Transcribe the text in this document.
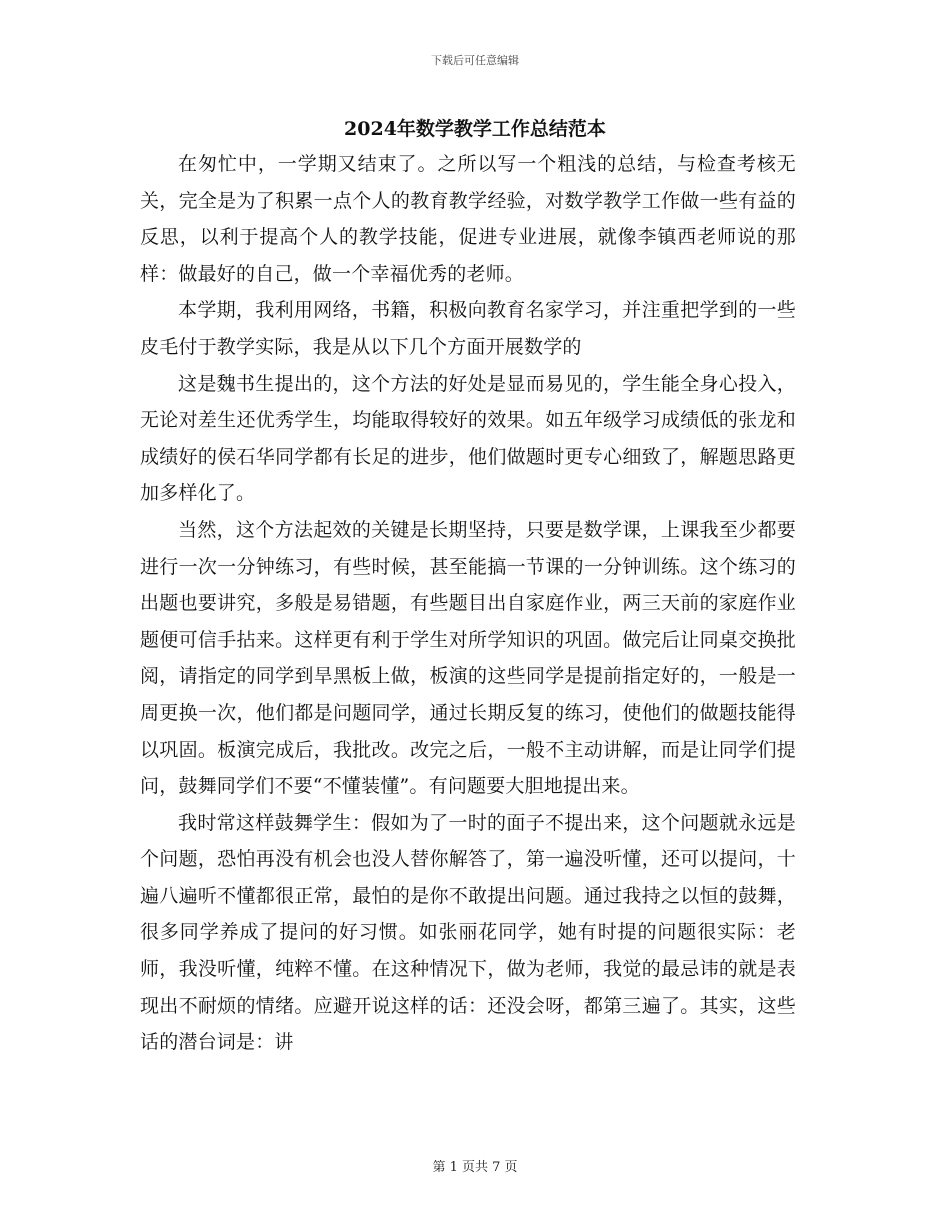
下载后可任意编辑
2024年数学教学工作总结范本

在匆忙中，一学期又结束了。之所以写一个粗浅的总结，与检查考核无关，完全是为了积累一点个人的教育教学经验，对数学教学工作做一些有益的反思，以利于提高个人的教学技能，促进专业进展，就像李镇西老师说的那样：做最好的自己，做一个幸福优秀的老师。

本学期，我利用网络，书籍，积极向教育名家学习，并注重把学到的一些皮毛付于教学实际，我是从以下几个方面开展数学的

这是魏书生提出的，这个方法的好处是显而易见的，学生能全身心投入，无论对差生还优秀学生，均能取得较好的效果。如五年级学习成绩低的张龙和成绩好的侯石华同学都有长足的进步，他们做题时更专心细致了，解题思路更加多样化了。

当然，这个方法起效的关键是长期坚持，只要是数学课，上课我至少都要进行一次一分钟练习，有些时候，甚至能搞一节课的一分钟训练。这个练习的出题也要讲究，多般是易错题，有些题目出自家庭作业，两三天前的家庭作业题便可信手拈来。这样更有利于学生对所学知识的巩固。做完后让同桌交换批阅，请指定的同学到旱黑板上做，板演的这些同学是提前指定好的，一般是一周更换一次，他们都是问题同学，通过长期反复的练习，使他们的做题技能得以巩固。板演完成后，我批改。改完之后，一般不主动讲解，而是让同学们提问，鼓舞同学们不要“不懂装懂”。有问题要大胆地提出来。

我时常这样鼓舞学生：假如为了一时的面子不提出来，这个问题就永远是个问题，恐怕再没有机会也没人替你解答了，第一遍没听懂，还可以提问，十遍八遍听不懂都很正常，最怕的是你不敢提出问题。通过我持之以恒的鼓舞，很多同学养成了提问的好习惯。如张丽花同学，她有时提的问题很实际：老师，我没听懂，纯粹不懂。在这种情况下，做为老师，我觉的最忌讳的就是表现出不耐烦的情绪。应避开说这样的话：还没会呀，都第三遍了。其实，这些话的潜台词是：讲

第 1 页共 7 页
